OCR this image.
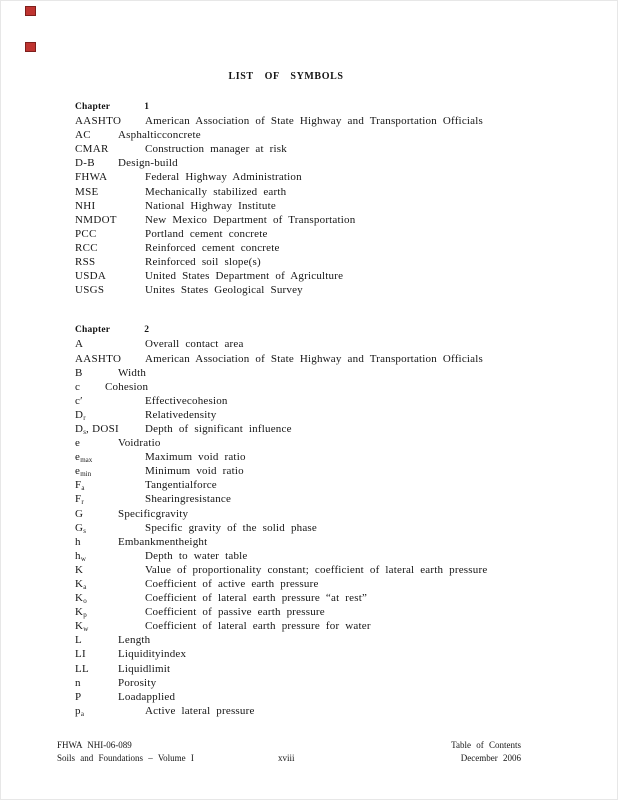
LIST OF SYMBOLS
Chapter	1
AASHTO American Association of State Highway and Transportation Officials
AC Asphalticconcrete
CMAR	Construction manager at risk
D-B Design-build
FHWA	Federal Highway Administration
MSE	Mechanically stabilized earth
NHI	National Highway Institute
NMDOT	New Mexico Department of Transportation
PCC	Portland cement concrete
RCC	Reinforced cement concrete
RSS	Reinforced soil slope(s)
USDA	United States Department of Agriculture
USGS	Unites States Geological Survey
Chapter	2
A	Overall contact area
AASHTO American Association of State Highway and Transportation Officials
B	Width
c Cohesion
c′	Effectivecohesion
$D_r$	Relativedensity
$D_s$, DOSI Depth of significant influence
e	Voidratio
$e_{max}$	Maximum void ratio
$e_{min}$	Minimum void ratio
$F_a$	Tangentialforce
$F_r$	Shearingresistance
G	Specificgravity
$G_s$	Specific gravity of the solid phase
h	Embankmentheight
$h_w$	Depth to water table
K	Value of proportionality constant; coefficient of lateral earth pressure
$K_a$	Coefficient of active earth pressure
$K_o$	Coefficient of lateral earth pressure “at rest”
$K_p$	Coefficient of passive earth pressure
$K_w$	Coefficient of lateral earth pressure for water
L	Length
LI	Liquidityindex
LL	Liquidlimit
n	Porosity
P	Loadapplied
$p_a$	Active lateral pressure
FHWA NHI-06-089
Soils and Foundations – Volume I	xviii
Table of Contents
December 2006
